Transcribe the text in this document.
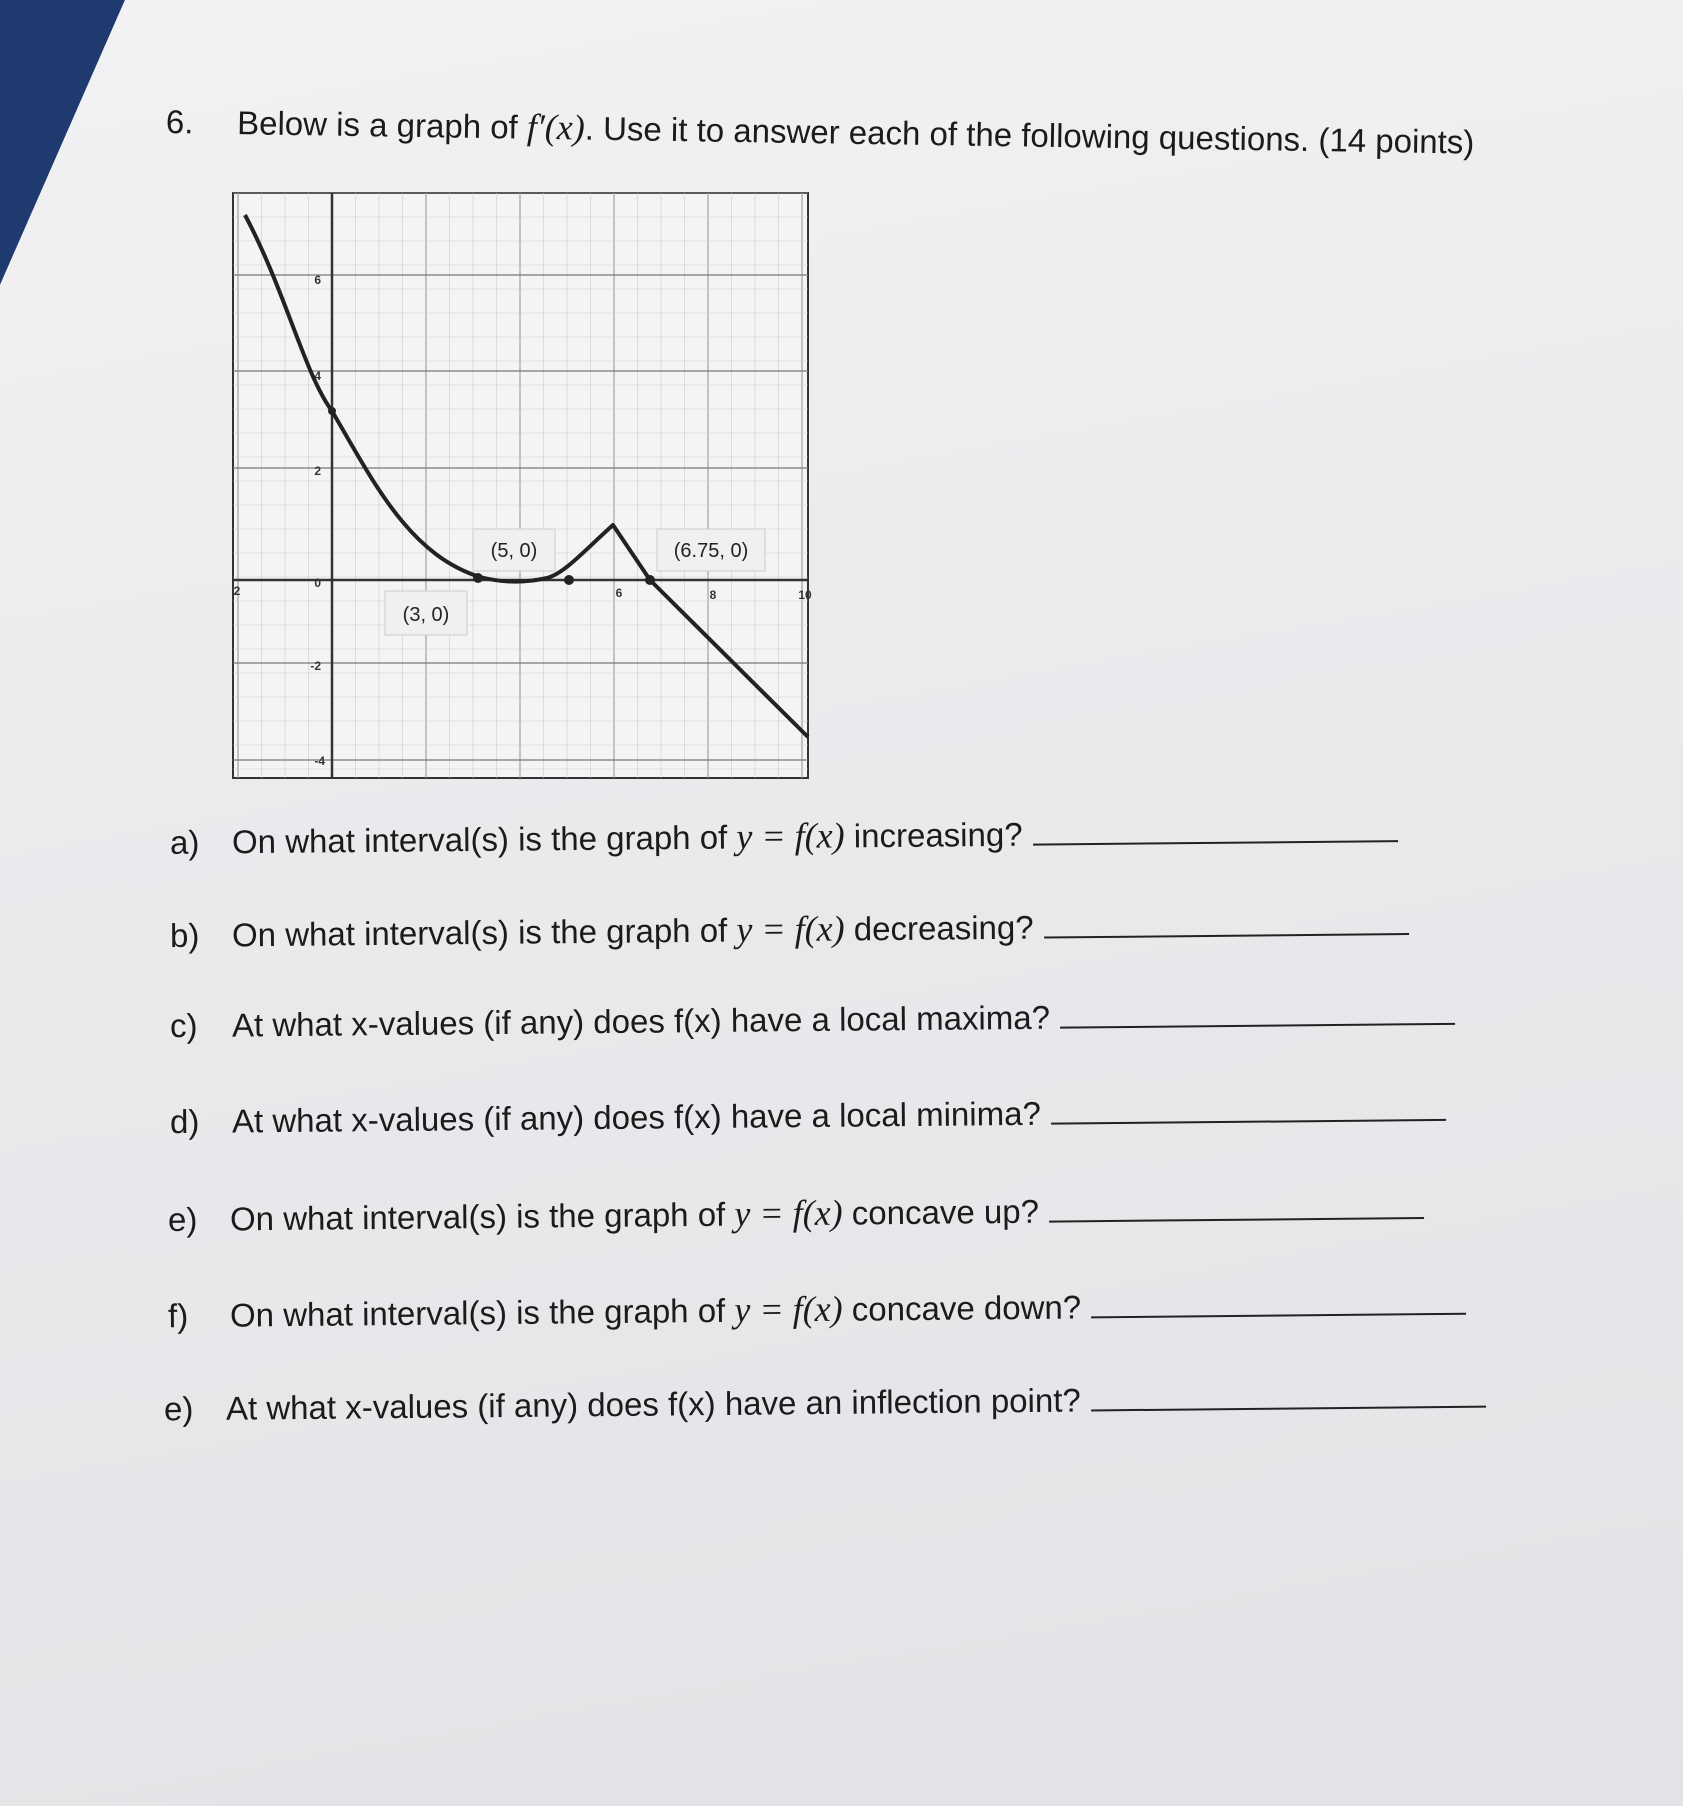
6. Below is a graph of f′(x). Use it to answer each of the following questions. (14 points)
6
4
2
0
-2
-4
2	6	8	10
(3, 0)
(5, 0)	(6.75, 0)
a) On what interval(s) is the graph of
y = f(x)
increasing?
b) On what interval(s) is the graph of
y = f(x)
decreasing?
c)	At what x-values (if any) does f(x) have a local maxima?
d) At what x-values (if any) does f(x) have a local minima?
e) On what interval(s) is the graph of
y = f(x)
concave up?
f)	On what interval(s) is the graph of
y = f(x)
concave down?
e) At what x-values (if any) does f(x) have an inflection point?
